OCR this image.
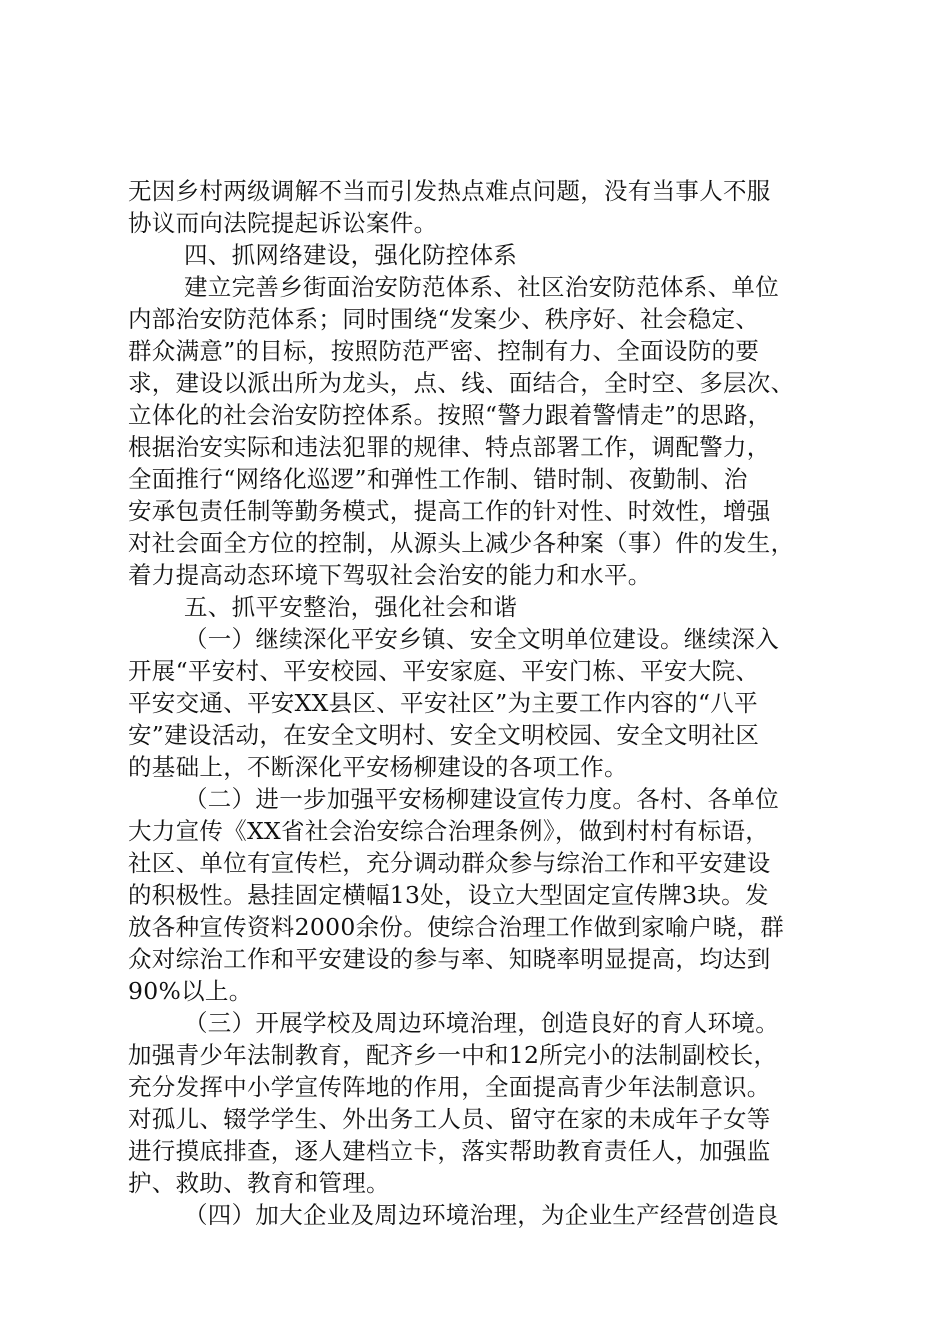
无因乡村两级调解不当而引发热点难点问题，没有当事人不服
协议而向法院提起诉讼案件。
四、抓网络建设，强化防控体系
建立完善乡街面治安防范体系、社区治安防范体系、单位
内部治安防范体系；同时围绕“发案少、秩序好、社会稳定、
群众满意”的目标，按照防范严密、控制有力、全面设防的要
求，建设以派出所为龙头，点、线、面结合，全时空、多层次、
立体化的社会治安防控体系。按照“警力跟着警情走”的思路，
根据治安实际和违法犯罪的规律、特点部署工作，调配警力，
全面推行“网络化巡逻”和弹性工作制、错时制、夜勤制、治
安承包责任制等勤务模式，提高工作的针对性、时效性，增强
对社会面全方位的控制，从源头上减少各种案（事）件的发生，
着力提高动态环境下驾驭社会治安的能力和水平。
五、抓平安整治，强化社会和谐
（一）继续深化平安乡镇、安全文明单位建设。继续深入
开展“平安村、平安校园、平安家庭、平安门栋、平安大院、
平安交通、平安XX县区、平安社区”为主要工作内容的“八平
安”建设活动，在安全文明村、安全文明校园、安全文明社区
的基础上，不断深化平安杨柳建设的各项工作。
（二）进一步加强平安杨柳建设宣传力度。各村、各单位
大力宣传《XX省社会治安综合治理条例》，做到村村有标语，
社区、单位有宣传栏，充分调动群众参与综治工作和平安建设
的积极性。悬挂固定横幅13处，设立大型固定宣传牌3块。发
放各种宣传资料2000余份。使综合治理工作做到家喻户晓，群
众对综治工作和平安建设的参与率、知晓率明显提高，均达到
90%以上。
（三）开展学校及周边环境治理，创造良好的育人环境。
加强青少年法制教育，配齐乡一中和12所完小的法制副校长，
充分发挥中小学宣传阵地的作用，全面提高青少年法制意识。
对孤儿、辍学学生、外出务工人员、留守在家的未成年子女等
进行摸底排查，逐人建档立卡，落实帮助教育责任人，加强监
护、救助、教育和管理。
（四）加大企业及周边环境治理，为企业生产经营创造良
